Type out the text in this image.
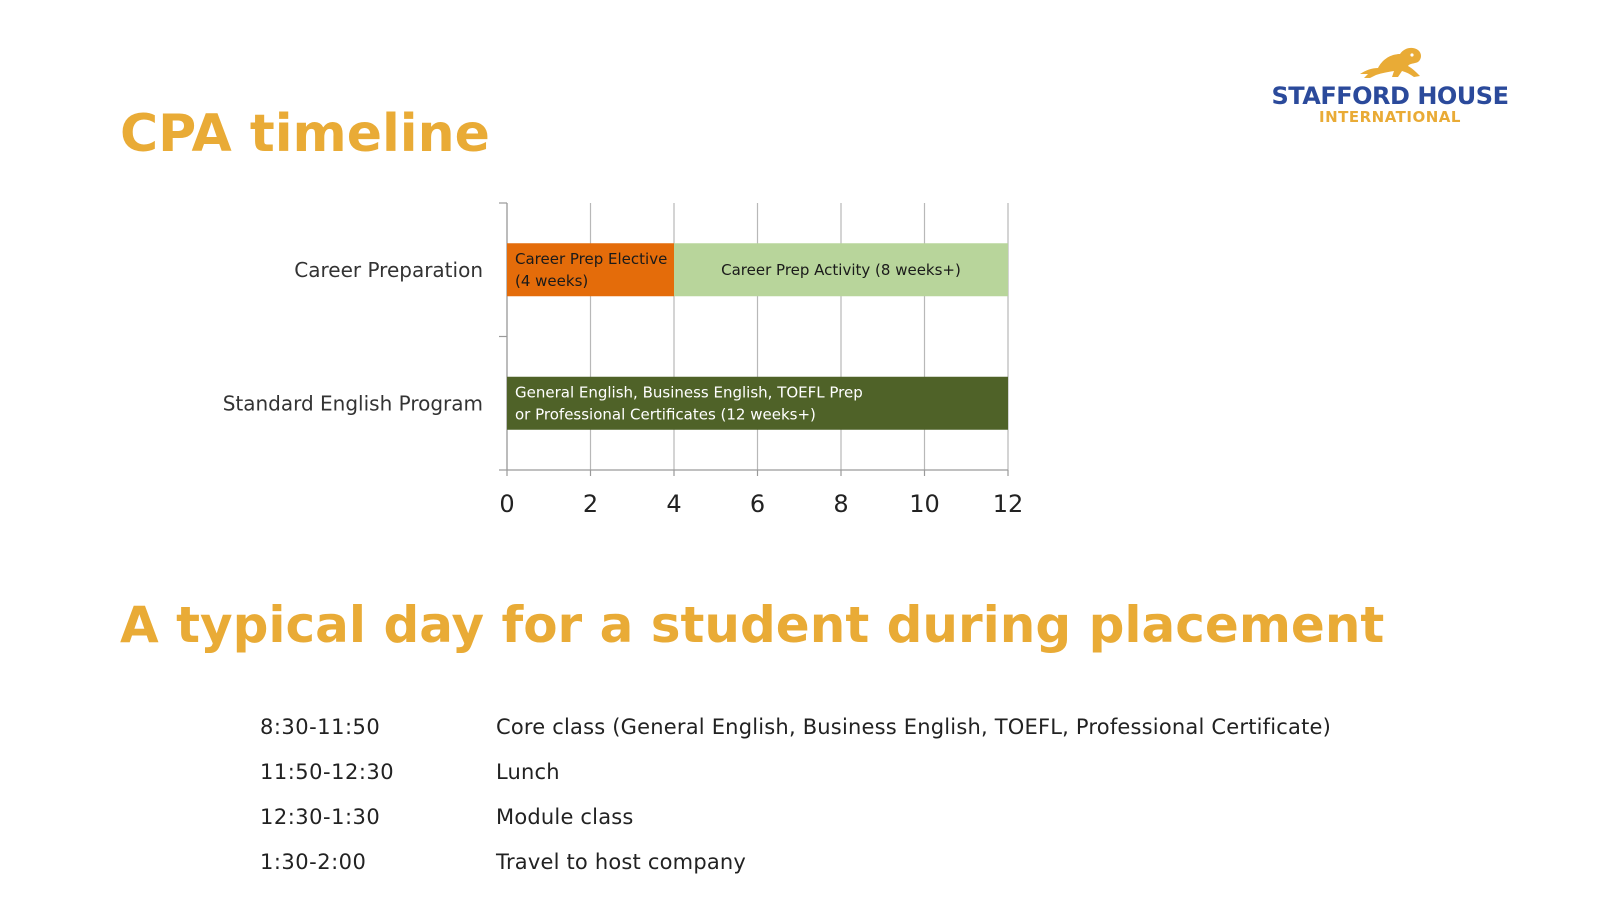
CPA timeline
STAFFORD HOUSE
INTERNATIONAL
0	2	4	6	8	10 12
Career Preparation
Standard English Program
Career Prep Elective
(4 weeks)
Career Prep Activity (8 weeks+)
General English, Business English, TOEFL Prep
or Professional Certificates (12 weeks+)
A typical day for a student during placement
8:30-11:50	Core class (General English, Business English, TOEFL, Professional Certificate)
11:50-12:30	Lunch
12:30-1:30	Module class
1:30-2:00	Travel to host company
